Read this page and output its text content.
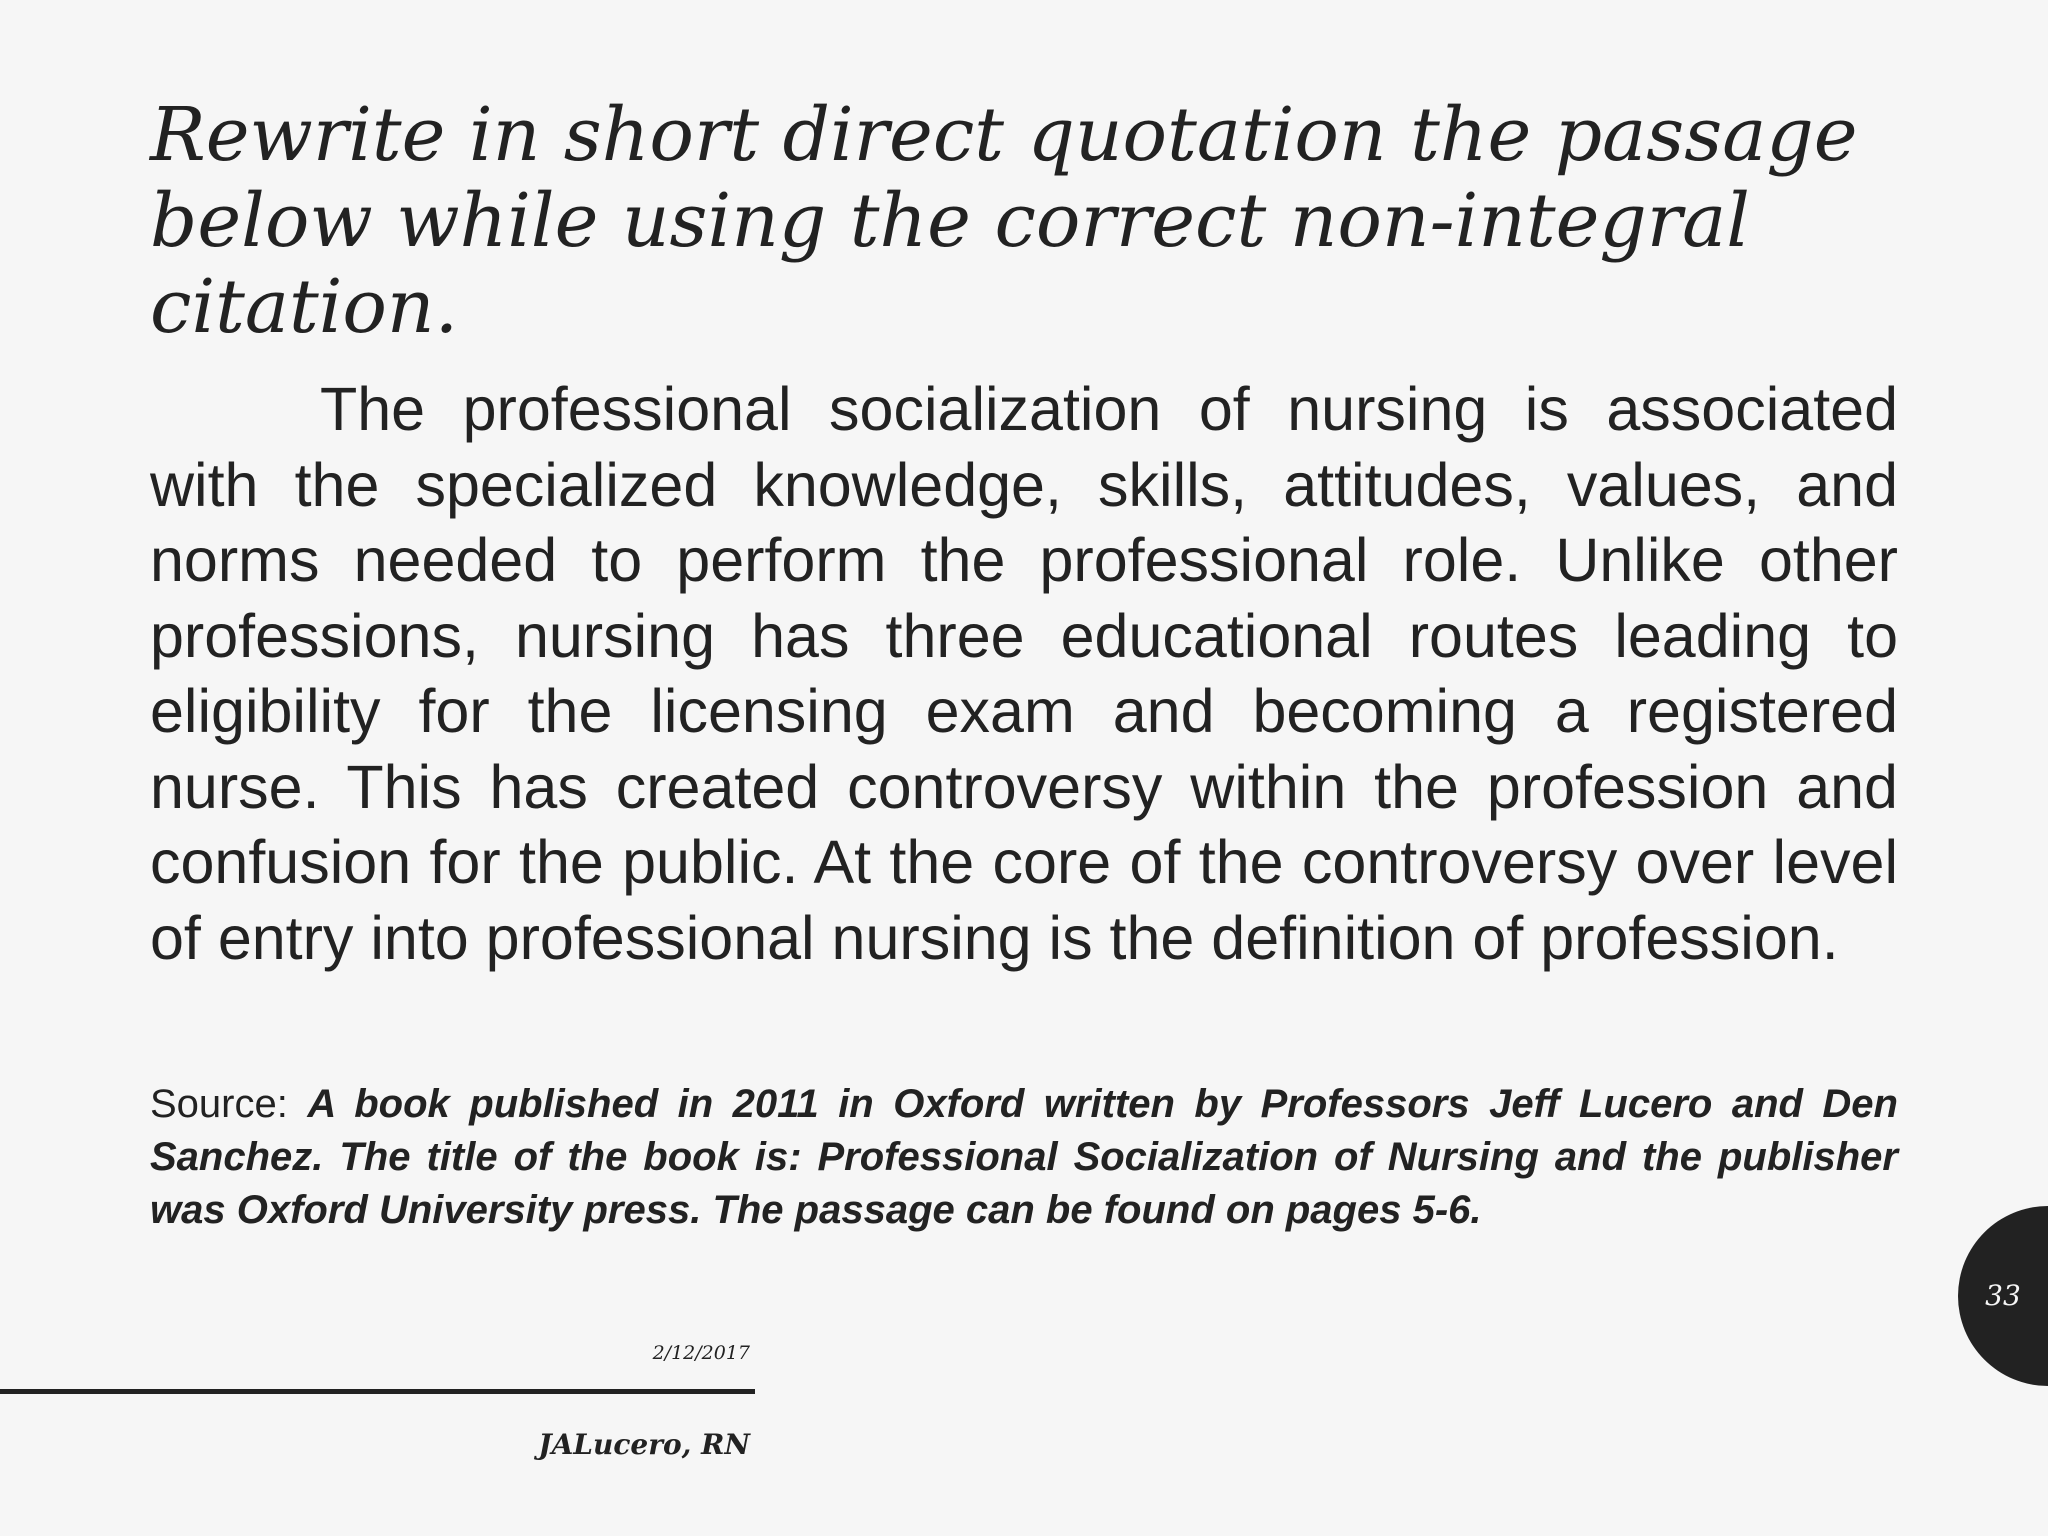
Rewrite in short direct quotation the passage below while using the correct non-integral citation.

The professional socialization of nursing is associated with the specialized knowledge, skills, attitudes, values, and norms needed to perform the professional role. Unlike other professions, nursing has three educational routes leading to eligibility for the licensing exam and becoming a registered nurse. This has created controversy within the profession and confusion for the public. At the core of the controversy over level of entry into professional nursing is the definition of profession.

Source: A book published in 2011 in Oxford written by Professors Jeff Lucero and Den Sanchez. The title of the book is: Professional Socialization of Nursing and the publisher was Oxford University press. The passage can be found on pages 5-6.

2/12/2017
JALucero, RN
33
